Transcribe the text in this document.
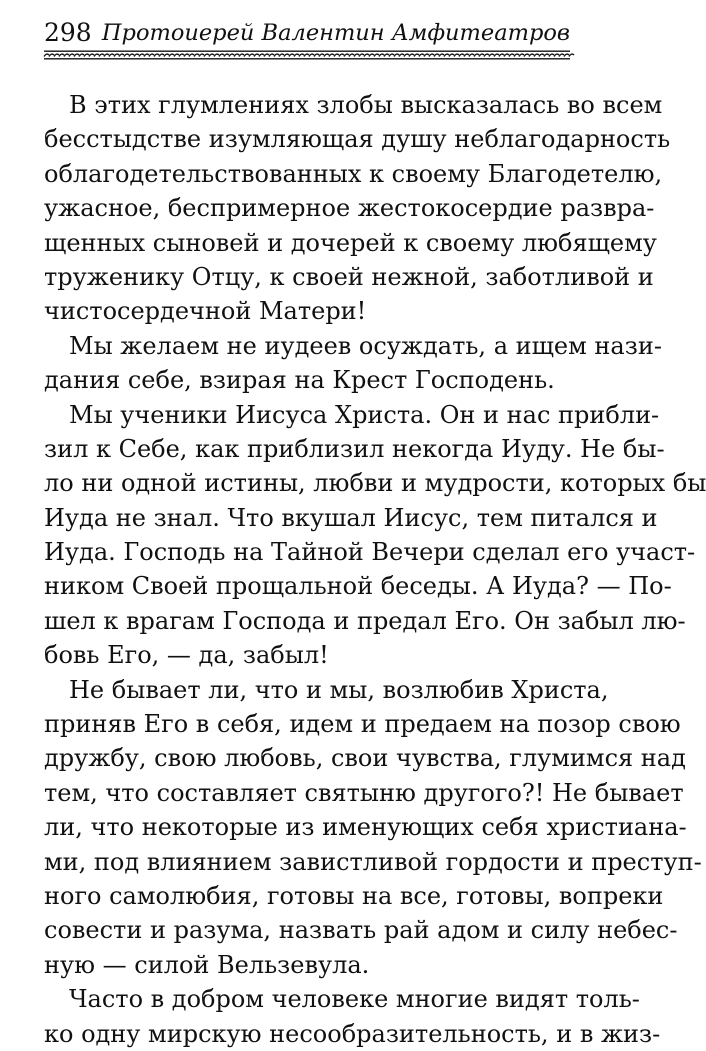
298 Протоиерей Валентин Амфитеатров

В этих глумлениях злобы высказалась во всем
бесстыдстве изумляющая душу неблагодарность
облагодетельствованных к своему Благодетелю,
ужасное, беспримерное жестокосердие развра-
щенных сыновей и дочерей к своему любящему
труженику Отцу, к своей нежной, заботливой и
чистосердечной Матери!

Мы желаем не иудеев осуждать, а ищем нази-
дания себе, взирая на Крест Господень.

Мы ученики Иисуса Христа. Он и нас прибли-
зил к Себе, как приблизил некогда Иуду. Не бы-
ло ни одной истины, любви и мудрости, которых бы
Иуда не знал. Что вкушал Иисус, тем питался и
Иуда. Господь на Тайной Вечери сделал его участ-
ником Своей прощальной беседы. А Иуда? — По-
шел к врагам Господа и предал Его. Он забыл лю-
бовь Его, — да, забыл!

Не бывает ли, что и мы, возлюбив Христа,
приняв Его в себя, идем и предаем на позор свою
дружбу, свою любовь, свои чувства, глумимся над
тем, что составляет святыню другого?! Не бывает
ли, что некоторые из именующих себя христиана-
ми, под влиянием завистливой гордости и преступ-
ного самолюбия, готовы на все, готовы, вопреки
совести и разума, назвать рай адом и силу небес-
ную — силой Вельзевула.

Часто в добром человеке многие видят толь-
ко одну мирскую несообразительность, и в жиз-
